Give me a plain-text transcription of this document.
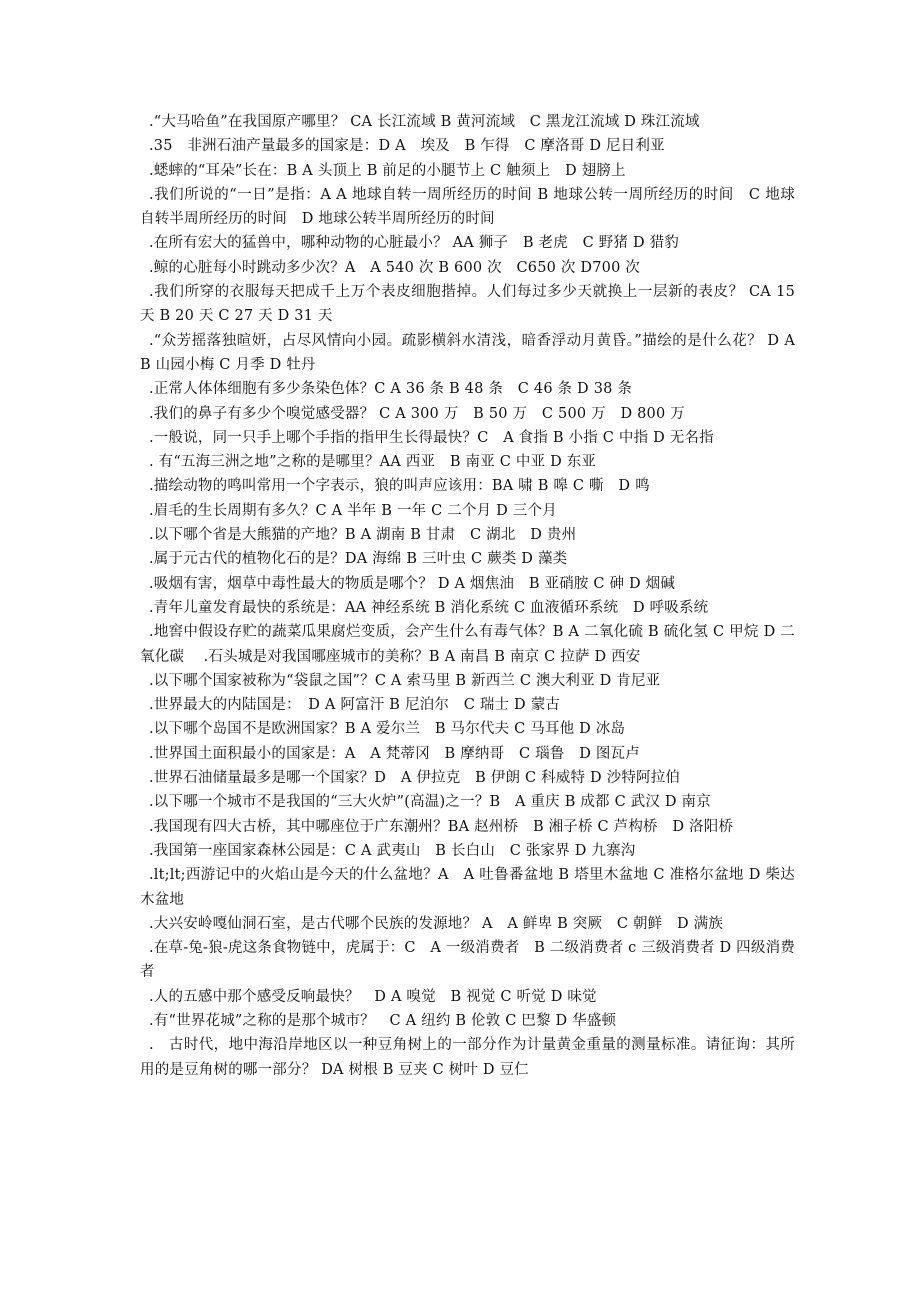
.“大马哈鱼”在我国原产哪里？ CA 长江流域 B 黄河流域　C 黑龙江流域 D 珠江流域

.35　非洲石油产量最多的国家是：D A　埃及　B 乍得　C 摩洛哥 D 尼日利亚

.蟋蟀的“耳朵”长在：B A 头顶上 B 前足的小腿节上 C 触须上　D 翅膀上

.我们所说的“一日”是指：A A 地球自转一周所经历的时间 B 地球公转一周所经历的时间　C 地球自转半周所经历的时间　D 地球公转半周所经历的时间

.在所有宏大的猛兽中，哪种动物的心脏最小？ AA 狮子　B 老虎　C 野猪 D 猎豹

.鲸的心脏每小时跳动多少次？A　A 540 次 B 600 次　C650 次 D700 次

.我们所穿的衣服每天把成千上万个表皮细胞揩掉。人们每过多少天就换上一层新的表皮？ CA 15 天 B 20 天 C 27 天 D 31 天

.“众芳摇落独暄妍，占尽风情向小园。疏影横斜水清浅，暗香浮动月黄昏。”描绘的是什么花？ D A B 山园小梅 C 月季 D 牡丹

.正常人体体细胞有多少条染色体？C A 36 条 B 48 条　C 46 条 D 38 条

.我们的鼻子有多少个嗅觉感受器？ C A 300 万　B 50 万　C 500 万　D 800 万

.一般说，同一只手上哪个手指的指甲生长得最快？C　A 食指 B 小指 C 中指 D 无名指

. 有“五海三洲之地”之称的是哪里？AA 西亚　B 南亚 C 中亚 D 东亚

.描绘动物的鸣叫常用一个字表示，狼的叫声应该用：BA 啸 B 嗥 C 嘶　D 鸣

.眉毛的生长周期有多久？C A 半年 B 一年 C 二个月 D 三个月

.以下哪个省是大熊猫的产地？B A 湖南 B 甘肃　C 湖北　D 贵州

.属于元古代的植物化石的是？DA 海绵 B 三叶虫 C 蕨类 D 藻类

.吸烟有害，烟草中毒性最大的物质是哪个？ D A 烟焦油　B 亚硝胺 C 砷 D 烟碱

.青年儿童发育最快的系统是：AA 神经系统 B 消化系统 C 血液循环系统　D 呼吸系统

.地窖中假设存贮的蔬菜瓜果腐烂变质，会产生什么有毒气体？B A 二氧化硫 B 硫化氢 C 甲烷 D 二氧化碳　 .石头城是对我国哪座城市的美称？B A 南昌 B 南京 C 拉萨 D 西安

.以下哪个国家被称为“袋鼠之国”？C A 索马里 B 新西兰 C 澳大利亚 D 肯尼亚

.世界最大的内陆国是：　D A 阿富汗 B 尼泊尔　C 瑞士 D 蒙古

.以下哪个岛国不是欧洲国家？B A 爱尔兰　B 马尔代夫 C 马耳他 D 冰岛

.世界国土面积最小的国家是：A　A 梵蒂冈　B 摩纳哥　C 瑙鲁　D 图瓦卢

.世界石油储量最多是哪一个国家？D　A 伊拉克　B 伊朗 C 科威特 D 沙特阿拉伯

.以下哪一个城市不是我国的“三大火炉”(高温)之一？B　A 重庆 B 成都 C 武汉 D 南京

.我国现有四大古桥，其中哪座位于广东潮州？BA 赵州桥　B 湘子桥 C 芦构桥　D 洛阳桥

.我国第一座国家森林公园是：C A 武夷山　B 长白山　C 张家界 D 九寨沟

.lt;lt;西游记中的火焰山是今天的什么盆地？A　A 吐鲁番盆地 B 塔里木盆地 C 准格尔盆地 D 柴达木盆地

.大兴安岭嘎仙洞石室，是古代哪个民族的发源地？ A　A 鲜卑 B 突厥　C 朝鲜　D 满族

.在草-兔-狼-虎这条食物链中，虎属于：C　A 一级消费者　B 二级消费者 c 三级消费者 D 四级消费者

.人的五感中那个感受反响最快？　D A 嗅觉　B 视觉 C 听觉 D 味觉

.有“世界花城”之称的是那个城市？　C A 纽约 B 伦敦 C 巴黎 D 华盛顿

.　古时代，地中海沿岸地区以一种豆角树上的一部分作为计量黄金重量的测量标准。请征询：其所用的是豆角树的哪一部分？ DA 树根 B 豆夹 C 树叶 D 豆仁
